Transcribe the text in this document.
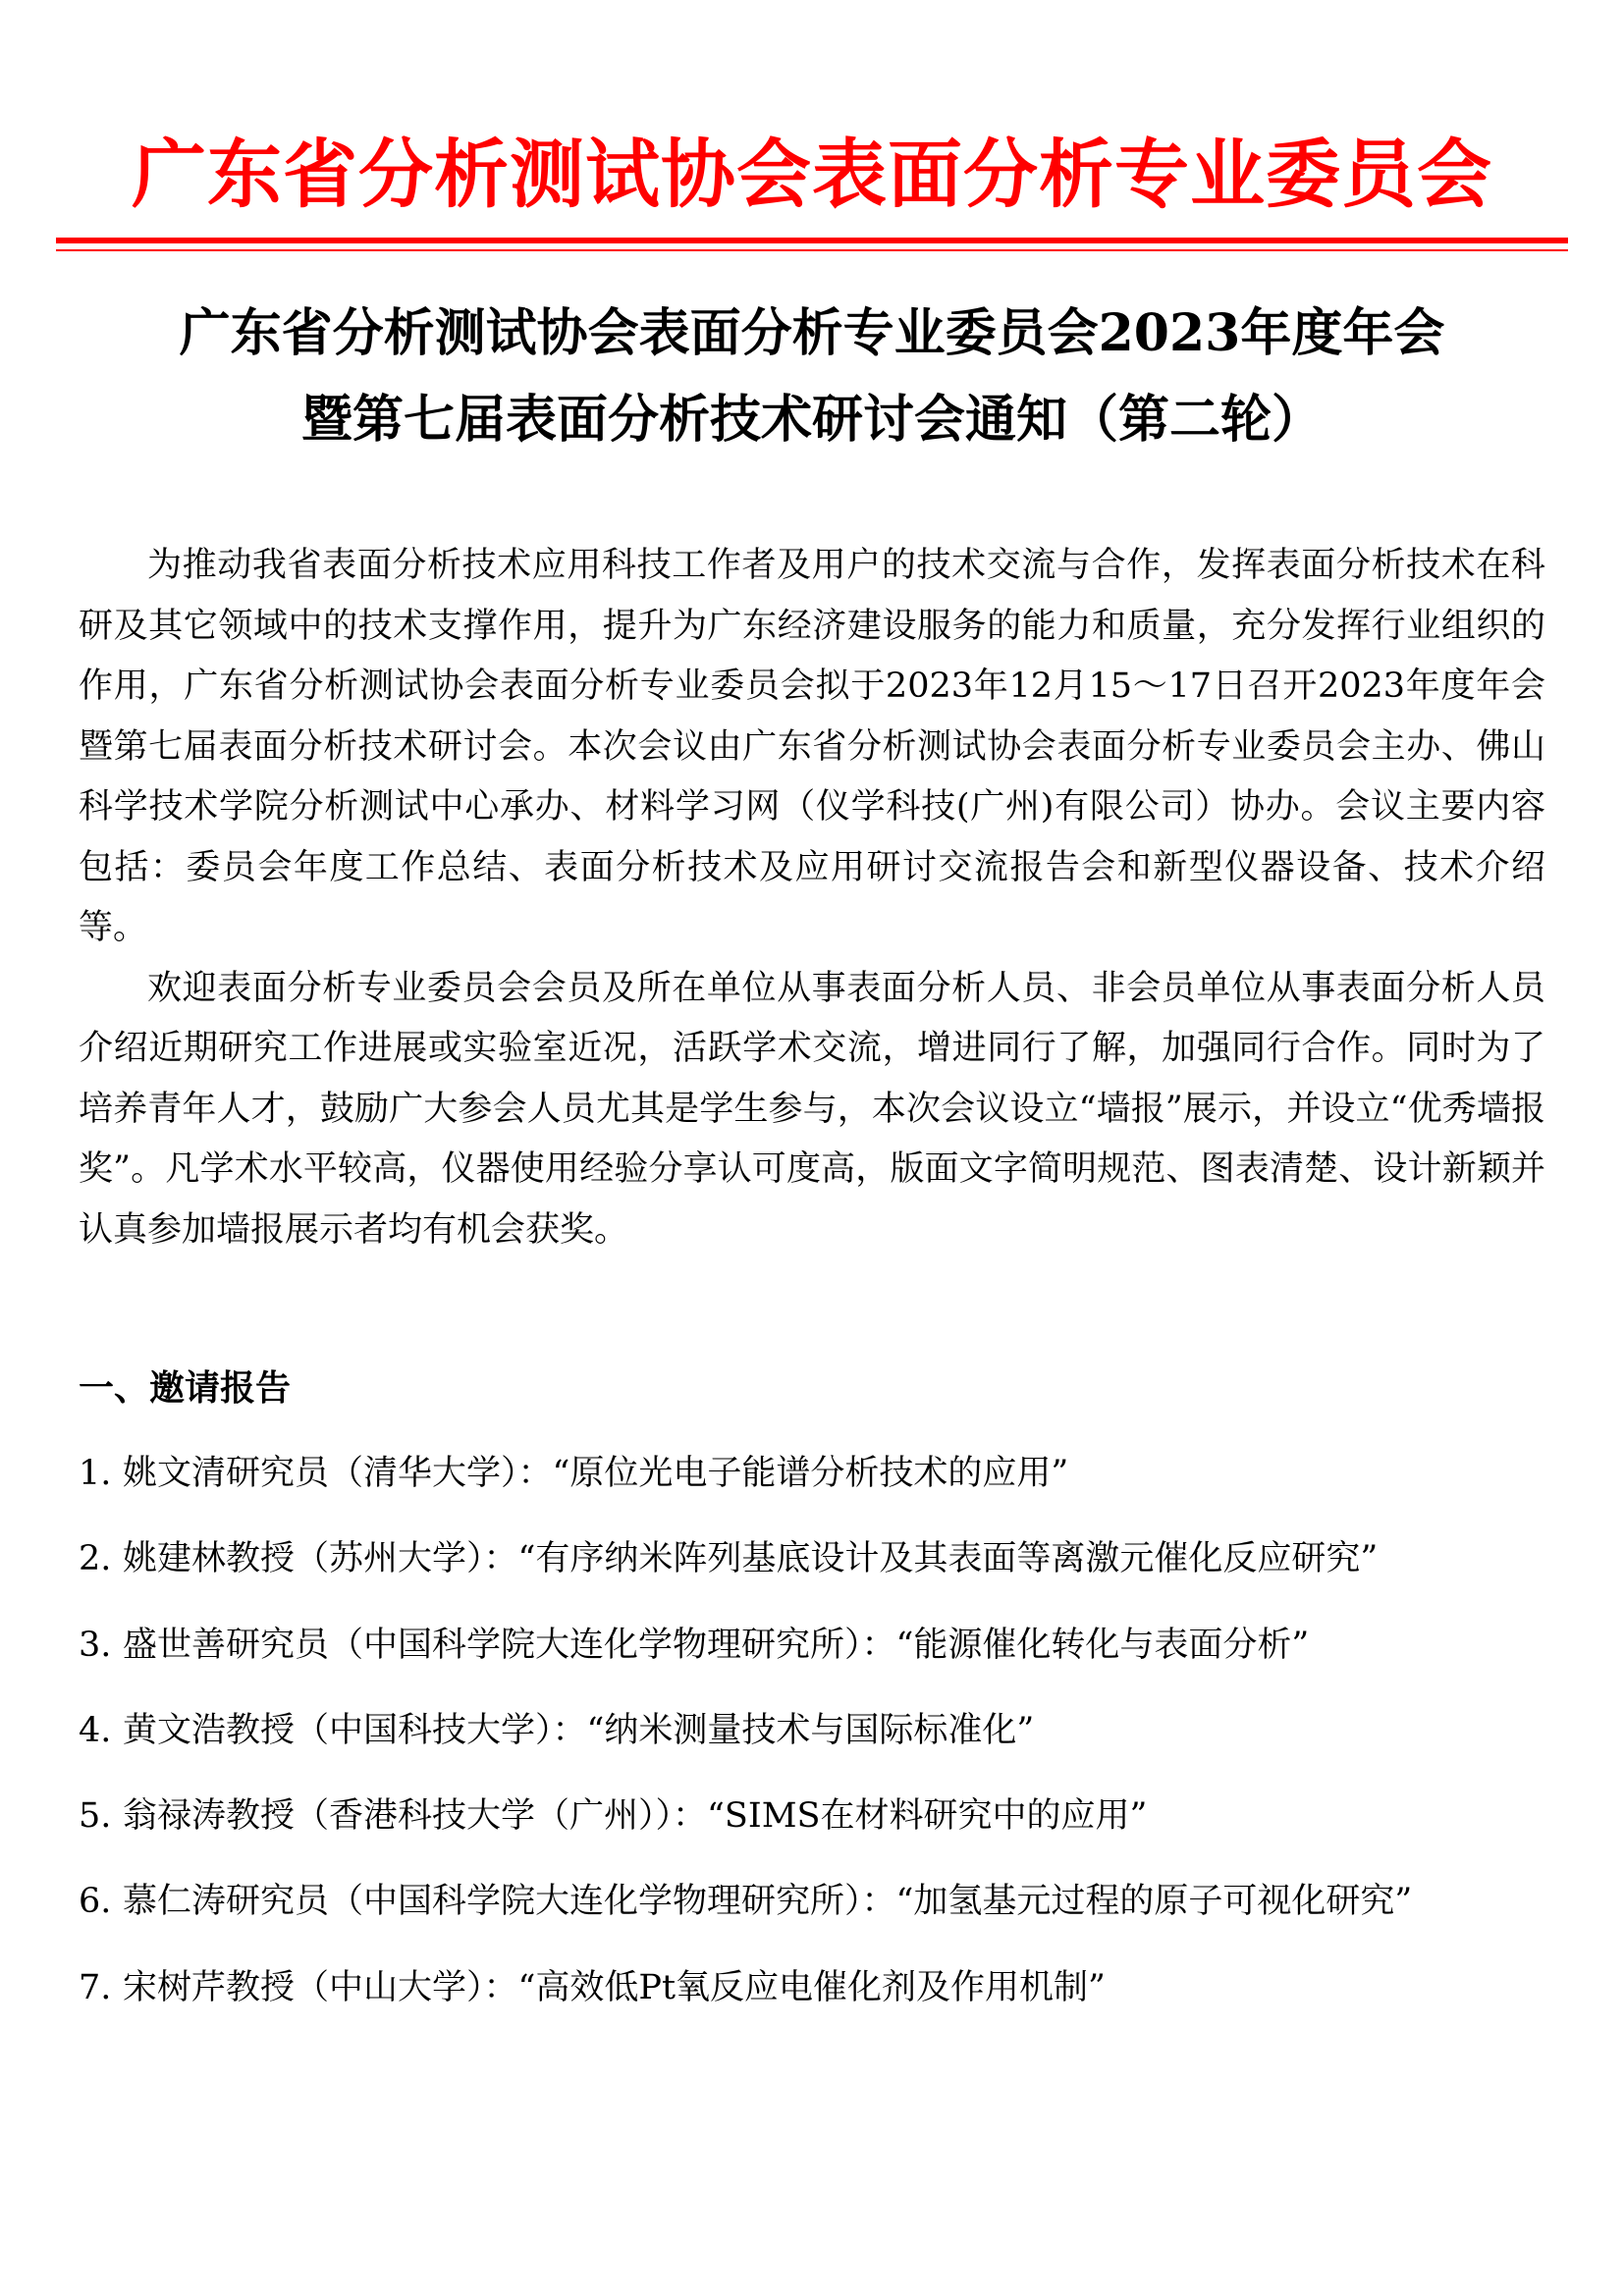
广东省分析测试协会表面分析专业委员会
广东省分析测试协会表面分析专业委员会2023年度年会
暨第七届表面分析技术研讨会通知（第二轮）

为推动我省表面分析技术应用科技工作者及用户的技术交流与合作，发挥表面分析技术在科研及其它领域中的技术支撑作用，提升为广东经济建设服务的能力和质量，充分发挥行业组织的作用，广东省分析测试协会表面分析专业委员会拟于2023年12月15～17日召开2023年度年会暨第七届表面分析技术研讨会。本次会议由广东省分析测试协会表面分析专业委员会主办、佛山科学技术学院分析测试中心承办、材料学习网（仪学科技(广州)有限公司）协办。会议主要内容包括：委员会年度工作总结、表面分析技术及应用研讨交流报告会和新型仪器设备、技术介绍等。

欢迎表面分析专业委员会会员及所在单位从事表面分析人员、非会员单位从事表面分析人员介绍近期研究工作进展或实验室近况，活跃学术交流，增进同行了解，加强同行合作。同时为了培养青年人才，鼓励广大参会人员尤其是学生参与，本次会议设立“墙报”展示，并设立“优秀墙报奖”。凡学术水平较高，仪器使用经验分享认可度高，版面文字简明规范、图表清楚、设计新颖并认真参加墙报展示者均有机会获奖。

一、邀请报告
1. 姚文清研究员（清华大学）：“原位光电子能谱分析技术的应用”
2. 姚建林教授（苏州大学）：“有序纳米阵列基底设计及其表面等离激元催化反应研究”
3. 盛世善研究员（中国科学院大连化学物理研究所）：“能源催化转化与表面分析”
4. 黄文浩教授（中国科技大学）：“纳米测量技术与国际标准化”
5. 翁禄涛教授（香港科技大学（广州））：“SIMS在材料研究中的应用”
6. 慕仁涛研究员（中国科学院大连化学物理研究所）：“加氢基元过程的原子可视化研究”
7. 宋树芹教授（中山大学）：“高效低Pt氧反应电催化剂及作用机制”
